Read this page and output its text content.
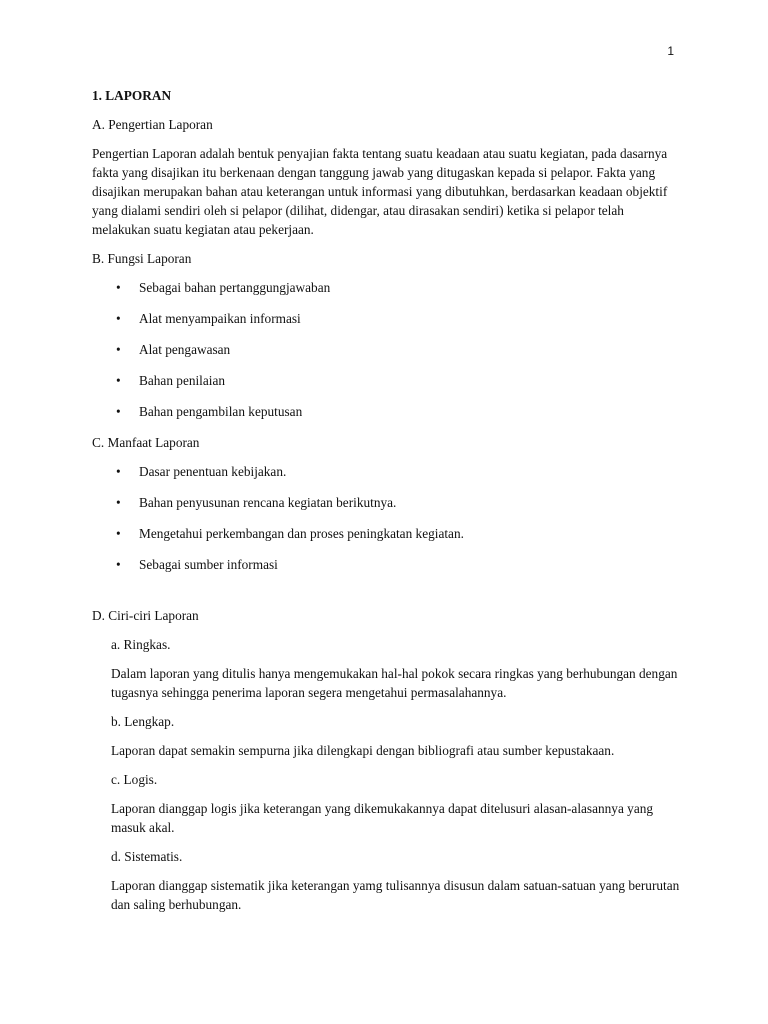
1
1. LAPORAN
A. Pengertian Laporan
Pengertian Laporan adalah bentuk penyajian fakta tentang suatu keadaan atau suatu kegiatan, pada dasarnya fakta yang disajikan itu berkenaan dengan tanggung jawab yang ditugaskan kepada si pelapor. Fakta yang disajikan merupakan bahan atau keterangan untuk informasi yang dibutuhkan, berdasarkan keadaan objektif yang dialami sendiri oleh si pelapor (dilihat, didengar, atau dirasakan sendiri) ketika si pelapor telah melakukan suatu kegiatan atau pekerjaan.
B. Fungsi Laporan
• Sebagai bahan pertanggungjawaban
• Alat menyampaikan informasi
• Alat pengawasan
• Bahan penilaian
• Bahan pengambilan keputusan
C. Manfaat Laporan
• Dasar penentuan kebijakan.
• Bahan penyusunan rencana kegiatan berikutnya.
• Mengetahui perkembangan dan proses peningkatan kegiatan.
• Sebagai sumber informasi
D. Ciri-ciri Laporan
a. Ringkas.
Dalam laporan yang ditulis hanya mengemukakan hal-hal pokok secara ringkas yang berhubungan dengan tugasnya sehingga penerima laporan segera mengetahui permasalahannya.
b. Lengkap.
Laporan dapat semakin sempurna jika dilengkapi dengan bibliografi atau sumber kepustakaan.
c. Logis.
Laporan dianggap logis jika keterangan yang dikemukakannya dapat ditelusuri alasan-alasannya yang masuk akal.
d. Sistematis.
Laporan dianggap sistematik jika keterangan yamg tulisannya disusun dalam satuan-satuan yang berurutan dan saling berhubungan.
